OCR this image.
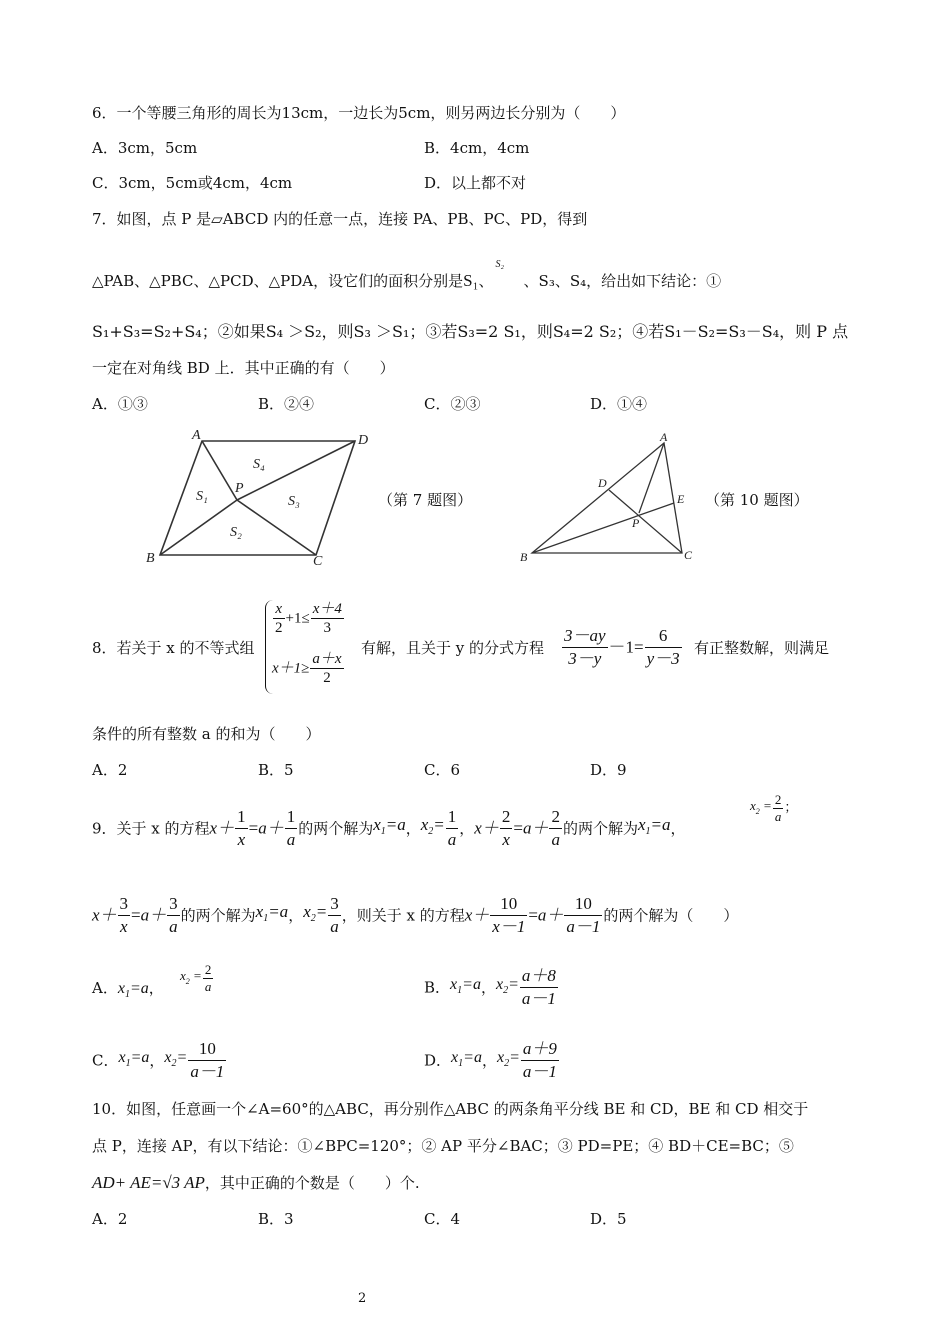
6．一个等腰三角形的周长为13cm，一边长为5cm，则另两边长分别为（　　）
A．3cm，5cm	B．4cm，4cm
C．3cm，5cm或4cm，4cm	D．以上都不对
7．如图，点 P 是▱ABCD 内的任意一点，连接 PA、PB、PC、PD，得到
△PAB、△PBC、△PCD、△PDA，设它们的面积分别是S₁、
S₂
、S₃、S₄，给出如下结论：①
S₁+S₃=S₂+S₄；②如果S₄ ＞S₂，则S₃ ＞S₁；③若S₃=2 S₁，则S₄=2 S₂；④若S₁－S₂=S₃－S₄，则 P 点
一定在对角线 BD 上．其中正确的有（　　）
A．①③	B．②④	C．②③	D．①④
A	D
B	C
P
S₁
S₂
S₃
S₄
（第 7 题图）
A
B	C
D
E
P
（第 10 题图）
8．若关于 x 的不等式组
$\frac{x}{2} +1\le \frac{x+4}{3}$
$x+1\ge \frac{a+x}{2}$
有解，且关于 y 的分式方程 $\frac{3-ay}{3-y} -1= \frac{6}{y-3}$ 有正整数解，则满足
条件的所有整数 a 的和为（　　）
A．2	B．5	C．6	D．9
9．关于 x 的方程$x+ \frac{1}{x} =a+ \frac{1}{a}$ 的两个解为$x_1=a$，$x_2= \frac{1}{a}$ ，$x+ \frac{2}{x} =a+ \frac{2}{a}$ 的两个解为$x_1=a$，
$x_2 = \frac{2}{a}$ ；
$x+ \frac{3}{x} =a+ \frac{3}{a}$ 的两个解为$x_1=a$，$x_2= \frac{3}{a}$ ，则关于 x 的方程$x+ \frac{10}{x-1} =a+ \frac{10}{a-1}$ 的两个解为（　　）
A．$x_1=a$，
$x_2 = \frac{2}{a}$	B．$x_1=a$，$x_2= \frac{a+8}{a-1}$
C．$x_1=a$，$x_2= \frac{10}{a-1}$	D．$x_1=a$，$x_2= \frac{a+9}{a-1}$
10．如图，任意画一个∠A=60°的△ABC，再分别作△ABC 的两条角平分线 BE 和 CD，BE 和 CD 相交于
点 P，连接 AP，有以下结论：①∠BPC=120°；② AP 平分∠BAC；③ PD=PE；④ BD＋CE=BC；⑤
AD+ AE=√3 AP，其中正确的个数是（　　）个.
A．2	B．3	C．4	D．5
2
